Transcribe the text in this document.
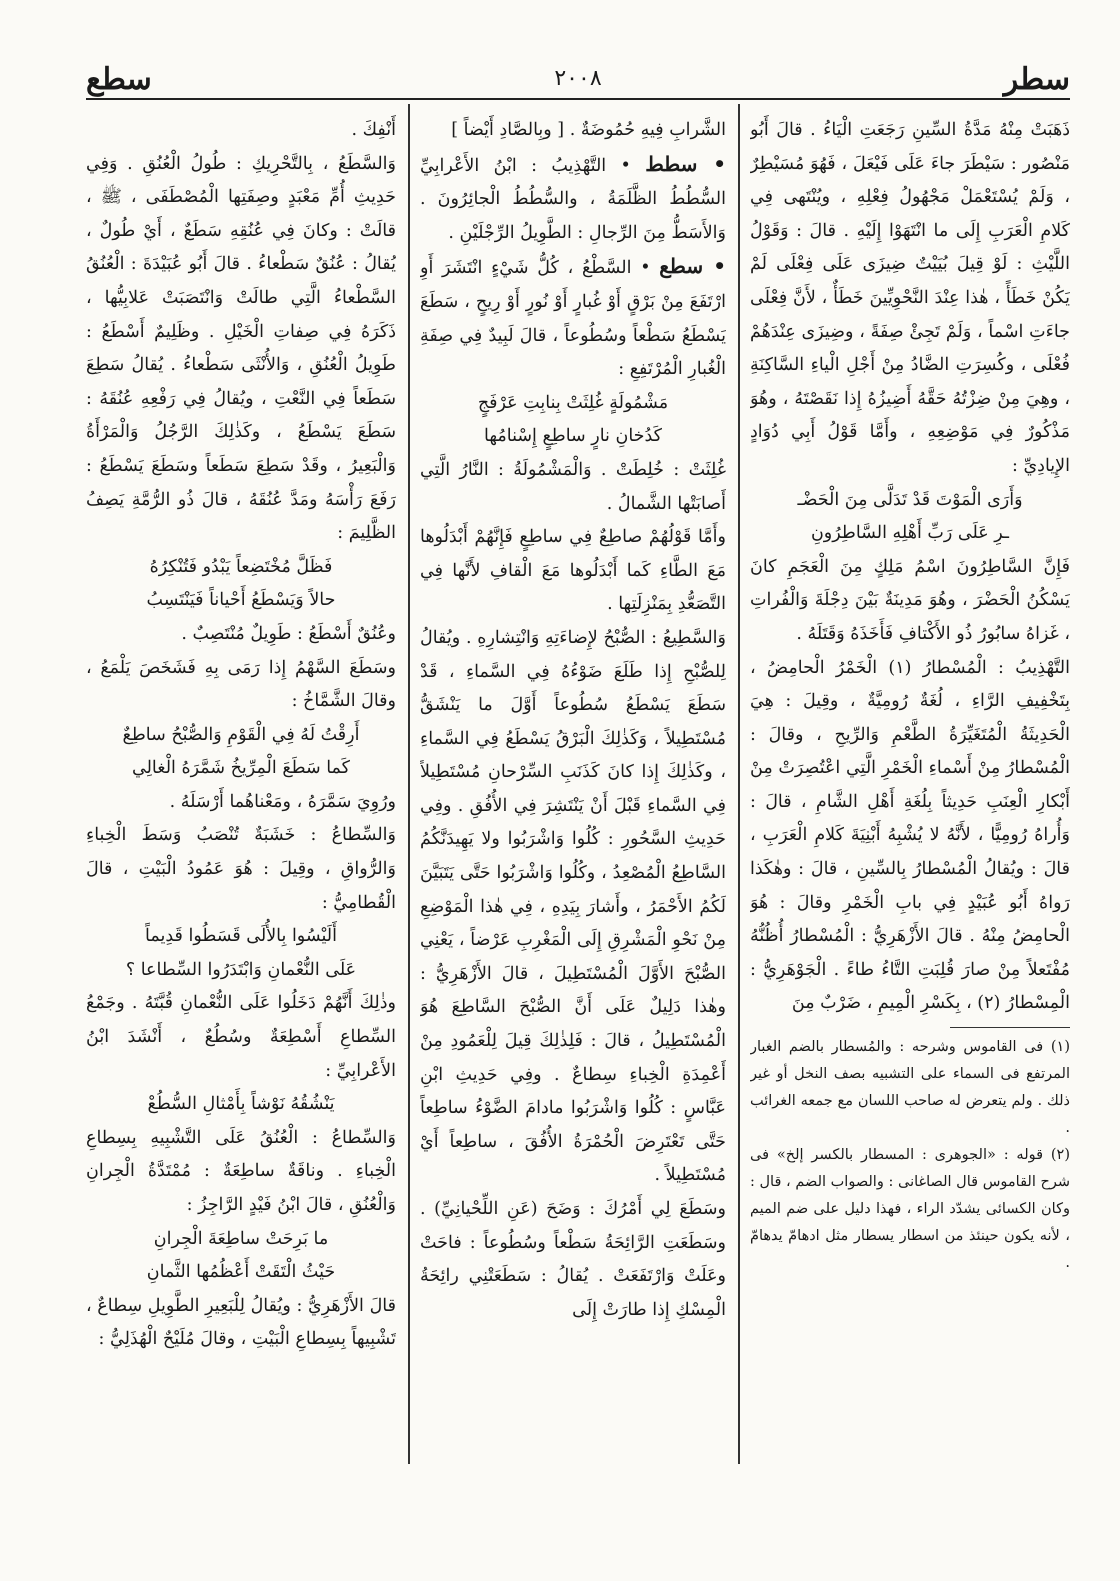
سطر
٢٠٠٨
سطع

ذَهَبَتْ مِنْهُ مَدَّةُ السِّينِ رَجَعَتِ الْيَاءُ . قالَ أَبُو مَنْصُور : سَيْطَرَ جاءَ عَلَى فَيْعَلَ ، فَهُوَ مُسَيْطِرٌ ، وَلَمْ يُسْتَعْمَلْ مَجْهُولُ فِعْلِهِ ، ويُنْتَهى فِي كَلامِ الْعَرَبِ إِلَى ما انْتَهَوْا إِلَيْهِ . قالَ : وَقَوْلُ اللَّيْثِ : لَوْ قِيلَ بُيَيْتٌ ضِيزَى عَلَى فِعْلَى لَمْ يَكُنْ خَطَأً ، هٰذا عِنْدَ النَّحْوِيِّينَ خَطَأٌ ، لأَنَّ فِعْلَى جاءَتِ اسْماً ، وَلَمْ تَجِئْ صِفَةً ، وضِيزَى عِنْدَهُمْ فُعْلَى ، وكُسِرَتِ الضَّادُ مِنْ أَجْلِ الْياءِ السَّاكِنَةِ ، وهِيَ مِنْ ضِزْتُهُ حَقَّهُ أَضِيزُهُ إِذا نَقَصْتَهُ ، وهُوَ مَذْكُورٌ فِي مَوْضِعِهِ ، وأَمَّا قَوْلُ أَبِي دُوَادٍ الإِيادِيِّ :

وَأَرَى الْمَوْتَ قَدْ تَدَلَّى مِنَ الْحَضْـ

ـرِ عَلَى رَبِّ أَهْلِهِ السَّاطِرُونِ

فَإِنَّ السَّاطِرُونَ اسْمُ مَلِكٍ مِنَ الْعَجَمِ كانَ يَسْكُنُ الْحَضْرَ ، وهُوَ مَدِينَةٌ بَيْنَ دِجْلَةَ وَالْفُراتِ ، غَزاهُ سابُورُ ذُو الأَكْتافِ فَأَخَذَهُ وَقَتَلَهُ .

التَّهْذِيبُ : الْمُسْطارُ (١) الْخَمْرُ الْحامِضُ ، بِتَخْفِيفِ الرَّاءِ ، لُغَةٌ رُومِيَّةٌ ، وقِيلَ : هِيَ الْحَدِيثَةُ الْمُتَغَيِّرَةُ الطَّعْمِ وَالرِّيحِ ، وقالَ : الْمُسْطارُ مِنْ أَسْماءِ الْخَمْرِ الَّتِي اعْتُصِرَتْ مِنْ أَبْكارِ الْعِنَبِ حَدِيثاً بِلُغَةِ أَهْلِ الشَّامِ ، قالَ : وَأُراهُ رُومِيًّا ، لأَنَّهُ لا يُشْبِهُ أَبْنِيَةَ كَلامِ الْعَرَبِ ، قالَ : ويُقالُ الْمُسْطارُ بِالسِّينِ ، قالَ : وهٰكَذا رَواهُ أَبُو عُبَيْدٍ فِي بابِ الْخَمْرِ وقالَ : هُوَ الْحامِضُ مِنْهُ . قالَ الأَزْهَرِيُّ : الْمُسْطارُ أُظُنُّهُ مُفْتَعلاً مِنْ صارَ قُلِبَتِ التَّاءُ طاءً . الْجَوْهَرِيُّ : الْمِسْطارُ (٢) ، بِكَسْرِ الْمِيمِ ، ضَرْبٌ مِنَ

(١) فى القاموس وشرحه : والمُسطار بالضم الغبار المرتفع فى السماء على التشبيه بصف النخل أو غير ذلك . ولم يتعرض له صاحب اللسان مع جمعه الغرائب .

(٢) قوله : «الجوهرى : المسطار بالكسر إلخ» فى شرح القاموس قال الصاغانى : والصواب الضم ، قال : وكان الكسائى يشدّد الراء ، فهذا دليل على ضم الميم ، لأنه يكون حينئذ من اسطار يسطار مثل ادهامّ يدهامّ .

الشَّرابِ فِيهِ حُمُوضَةٌ . [ وبِالصَّادِ أَيْضاً ]

• سطط • التَّهْذِيبُ : ابْنُ الأَعْرابِيِّ السُّطُطُ الظَّلَمَةُ ، والسُّطُطُ الْجائِرُونَ . وَالأَسَطُّ مِنَ الرِّجالِ : الطَّوِيلُ الرِّجْلَيْنِ .

• سطع • السَّطْعُ ، كُلُّ شَيْءٍ انْتَشَرَ أَوِ ارْتَفَعَ مِنْ بَرْقٍ أَوْ غُبارٍ أَوْ نُورٍ أَوْ رِيحٍ ، سَطَعَ يَسْطَعُ سَطْعاً وسُطُوعاً ، قالَ لَبِيدٌ فِي صِفَةِ الْغُبارِ الْمُرْتَفِعِ :

مَشْمُولَةٍ غُلِثَتْ بِنابِتِ عَرْفَجٍ

كَدُخانِ نارٍ ساطِعٍ إِسْنامُها

غُلِثَتْ : خُلِطَتْ . وَالْمَشْمُولَةُ : النَّارُ الَّتِي أَصابَتْها الشَّمالُ .

وأَمَّا قَوْلُهُمْ صاطِعٌ فِي ساطِعٍ فَإِنَّهُمْ أَبْدَلُوها مَعَ الطَّاءِ كَما أَبْدَلُوها مَعَ الْقافِ لأَنَّها فِي التَّصَعُّدِ بِمَنْزِلَتِها .

وَالسَّطِيعُ : الصُّبْحُ لإِضاءَتِهِ وَانْتِشارِهِ . ويُقالُ لِلصُّبْحِ إِذا طَلَعَ ضَوْءُهُ فِي السَّماءِ ، قَدْ سَطَعَ يَسْطَعُ سُطُوعاً أَوَّلَ ما يَنْشَقُّ مُسْتَطِيلاً ، وَكَذٰلِكَ الْبَرْقُ يَسْطَعُ فِي السَّماءِ ، وكَذٰلِكَ إِذا كانَ كَذَنَبِ السِّرْحانِ مُسْتَطِيلاً فِي السَّماءِ قَبْلَ أَنْ يَنْتَشِرَ فِي الأُفُقِ . وفِي حَدِيثِ السَّحُورِ : كُلُوا وَاشْرَبُوا ولا يَهِيدَنَّكُمُ السَّاطِعُ الْمُصْعِدُ ، وكُلُوا وَاشْرَبُوا حَتَّى يَتَبَيَّنَ لَكُمُ الأَحْمَرُ ، وأَشارَ بِيَدِهِ ، فِي هٰذا الْمَوْضِعِ مِنْ نَحْوِ الْمَشْرِقِ إِلَى الْمَغْرِبِ عَرْضاً ، يَعْنِي الصُّبْحَ الأَوَّلَ الْمُسْتَطِيلَ ، قالَ الأَزْهَرِيُّ : وهٰذا دَلِيلٌ عَلَى أَنَّ الصُّبْحَ السَّاطِعَ هُوَ الْمُسْتَطِيلُ ، قالَ : فَلِذٰلِكَ قِيلَ لِلْعَمُودِ مِنْ أَعْمِدَةِ الْخِباءِ سِطاعٌ . وفِي حَدِيثِ ابْنِ عَبَّاسٍ : كُلُوا وَاشْرَبُوا مادامَ الضَّوْءُ ساطِعاً حَتَّى تَعْتَرِضَ الْحُمْرَةُ الأُفُقَ ، ساطِعاً أَيْ مُسْتَطِيلاً .

وسَطَعَ لِي أَمْرُكَ : وَضَحَ (عَنِ اللِّحْيانِيِّ) . وسَطَعَتِ الرَّائِحَةُ سَطْعاً وسُطُوعاً : فاحَتْ وعَلَتْ وَارْتَفَعَتْ . يُقالُ : سَطَعَتْنِي رائِحَةُ الْمِسْكِ إِذا طارَتْ إِلَى

أَنْفِكَ .

وَالسَّطَعُ ، بِالتَّحْرِيكِ : طُولُ الْعُنُقِ . وَفِي حَدِيثِ أُمِّ مَعْبَدٍ وصِفَتِها الْمُصْطَفَى ، ﷺ ، قالَتْ : وكانَ فِي عُنُقِهِ سَطَعٌ ، أَيْ طُولٌ ، يُقالُ : عُنُقٌ سَطْعاءُ . قالَ أَبُو عُبَيْدَةَ : الْعُنُقُ السَّطْعاءُ الَّتِي طالَتْ وَانْتَصَبَتْ عَلابِيُّها ، ذَكَرَهُ فِي صِفاتِ الْخَيْلِ . وظَلِيمٌ أَسْطَعُ : طَوِيلُ الْعُنُقِ ، وَالأُنْثَى سَطْعاءُ . يُقالُ سَطِعَ سَطَعاً فِي النَّعْتِ ، ويُقالُ فِي رَفْعِهِ عُنُقَهُ : سَطَعَ يَسْطَعُ ، وكَذٰلِكَ الرَّجُلُ وَالْمَرْأَةُ وَالْبَعِيرُ ، وقَدْ سَطِعَ سَطَعاً وسَطَعَ يَسْطَعُ : رَفَعَ رَأْسَهُ ومَدَّ عُنُقَهُ ، قالَ ذُو الرُّمَّةِ يَصِفُ الظَّلِيمَ :

فَظَلَّ مُخْتَضِعاً يَبْدُو فَتُنْكِرُهُ

حالاً وَيَسْطَعُ أَحْياناً فَيَنْتَسِبُ

وعُنُقٌ أَسْطَعُ : طَوِيلٌ مُنْتَصِبٌ .

وسَطَعَ السَّهْمُ إِذا رَمَى بِهِ فَشَخَصَ يَلْمَعُ ، وقالَ الشَّمَّاخُ :

أَرِقْتُ لَهُ فِي الْقَوْمِ وَالصُّبْحُ ساطِعٌ

كَما سَطَعَ الْمِرِّيخُ شَمَّرَهُ الْغالِي

ورُوِيَ سَمَّرَهُ ، ومَعْناهُما أَرْسَلَهُ .

وَالسِّطاعُ : خَشَبَةٌ تُنْصَبُ وَسَطَ الْخِباءِ وَالرُّواقِ ، وقِيلَ : هُوَ عَمُودُ الْبَيْتِ ، قالَ الْقُطامِيُّ :

أَلَيْسُوا بِالأُلَى قَسَطُوا قَدِيماً

عَلَى النُّعْمانِ وَابْتَدَرُوا السِّطاعا ؟

وذٰلِكَ أَنَّهُمْ دَخَلُوا عَلَى النُّعْمانِ قُبَّتَهُ . وجَمْعُ السِّطاعِ أَسْطِعَةٌ وسُطُعٌ ، أَنْشَدَ ابْنُ الأَعْرابِيِّ :

يَنْشُقُهُ نَوْشاً بِأَمْثالِ السُّطُعْ

وَالسِّطاعُ : الْعُنُقُ عَلَى التَّشْبِيهِ بِسِطاعِ الْخِباءِ . وناقَةٌ ساطِعَةٌ : مُمْتَدَّةُ الْجِرانِ وَالْعُنُقِ ، قالَ ابْنُ فَيْدٍ الرَّاجِزُ :

ما بَرِحَتْ ساطِعَةَ الْجِرانِ

حَيْثُ الْتَقَتْ أَعْظُمُها الثَّمانِ

قالَ الأَزْهَرِيُّ : ويُقالُ لِلْبَعِيرِ الطَّوِيلِ سِطاعٌ ، تَشْبِيهاً بِسِطاعِ الْبَيْتِ ، وقالَ مُلَيْحٌ الْهُذَلِيُّ :
